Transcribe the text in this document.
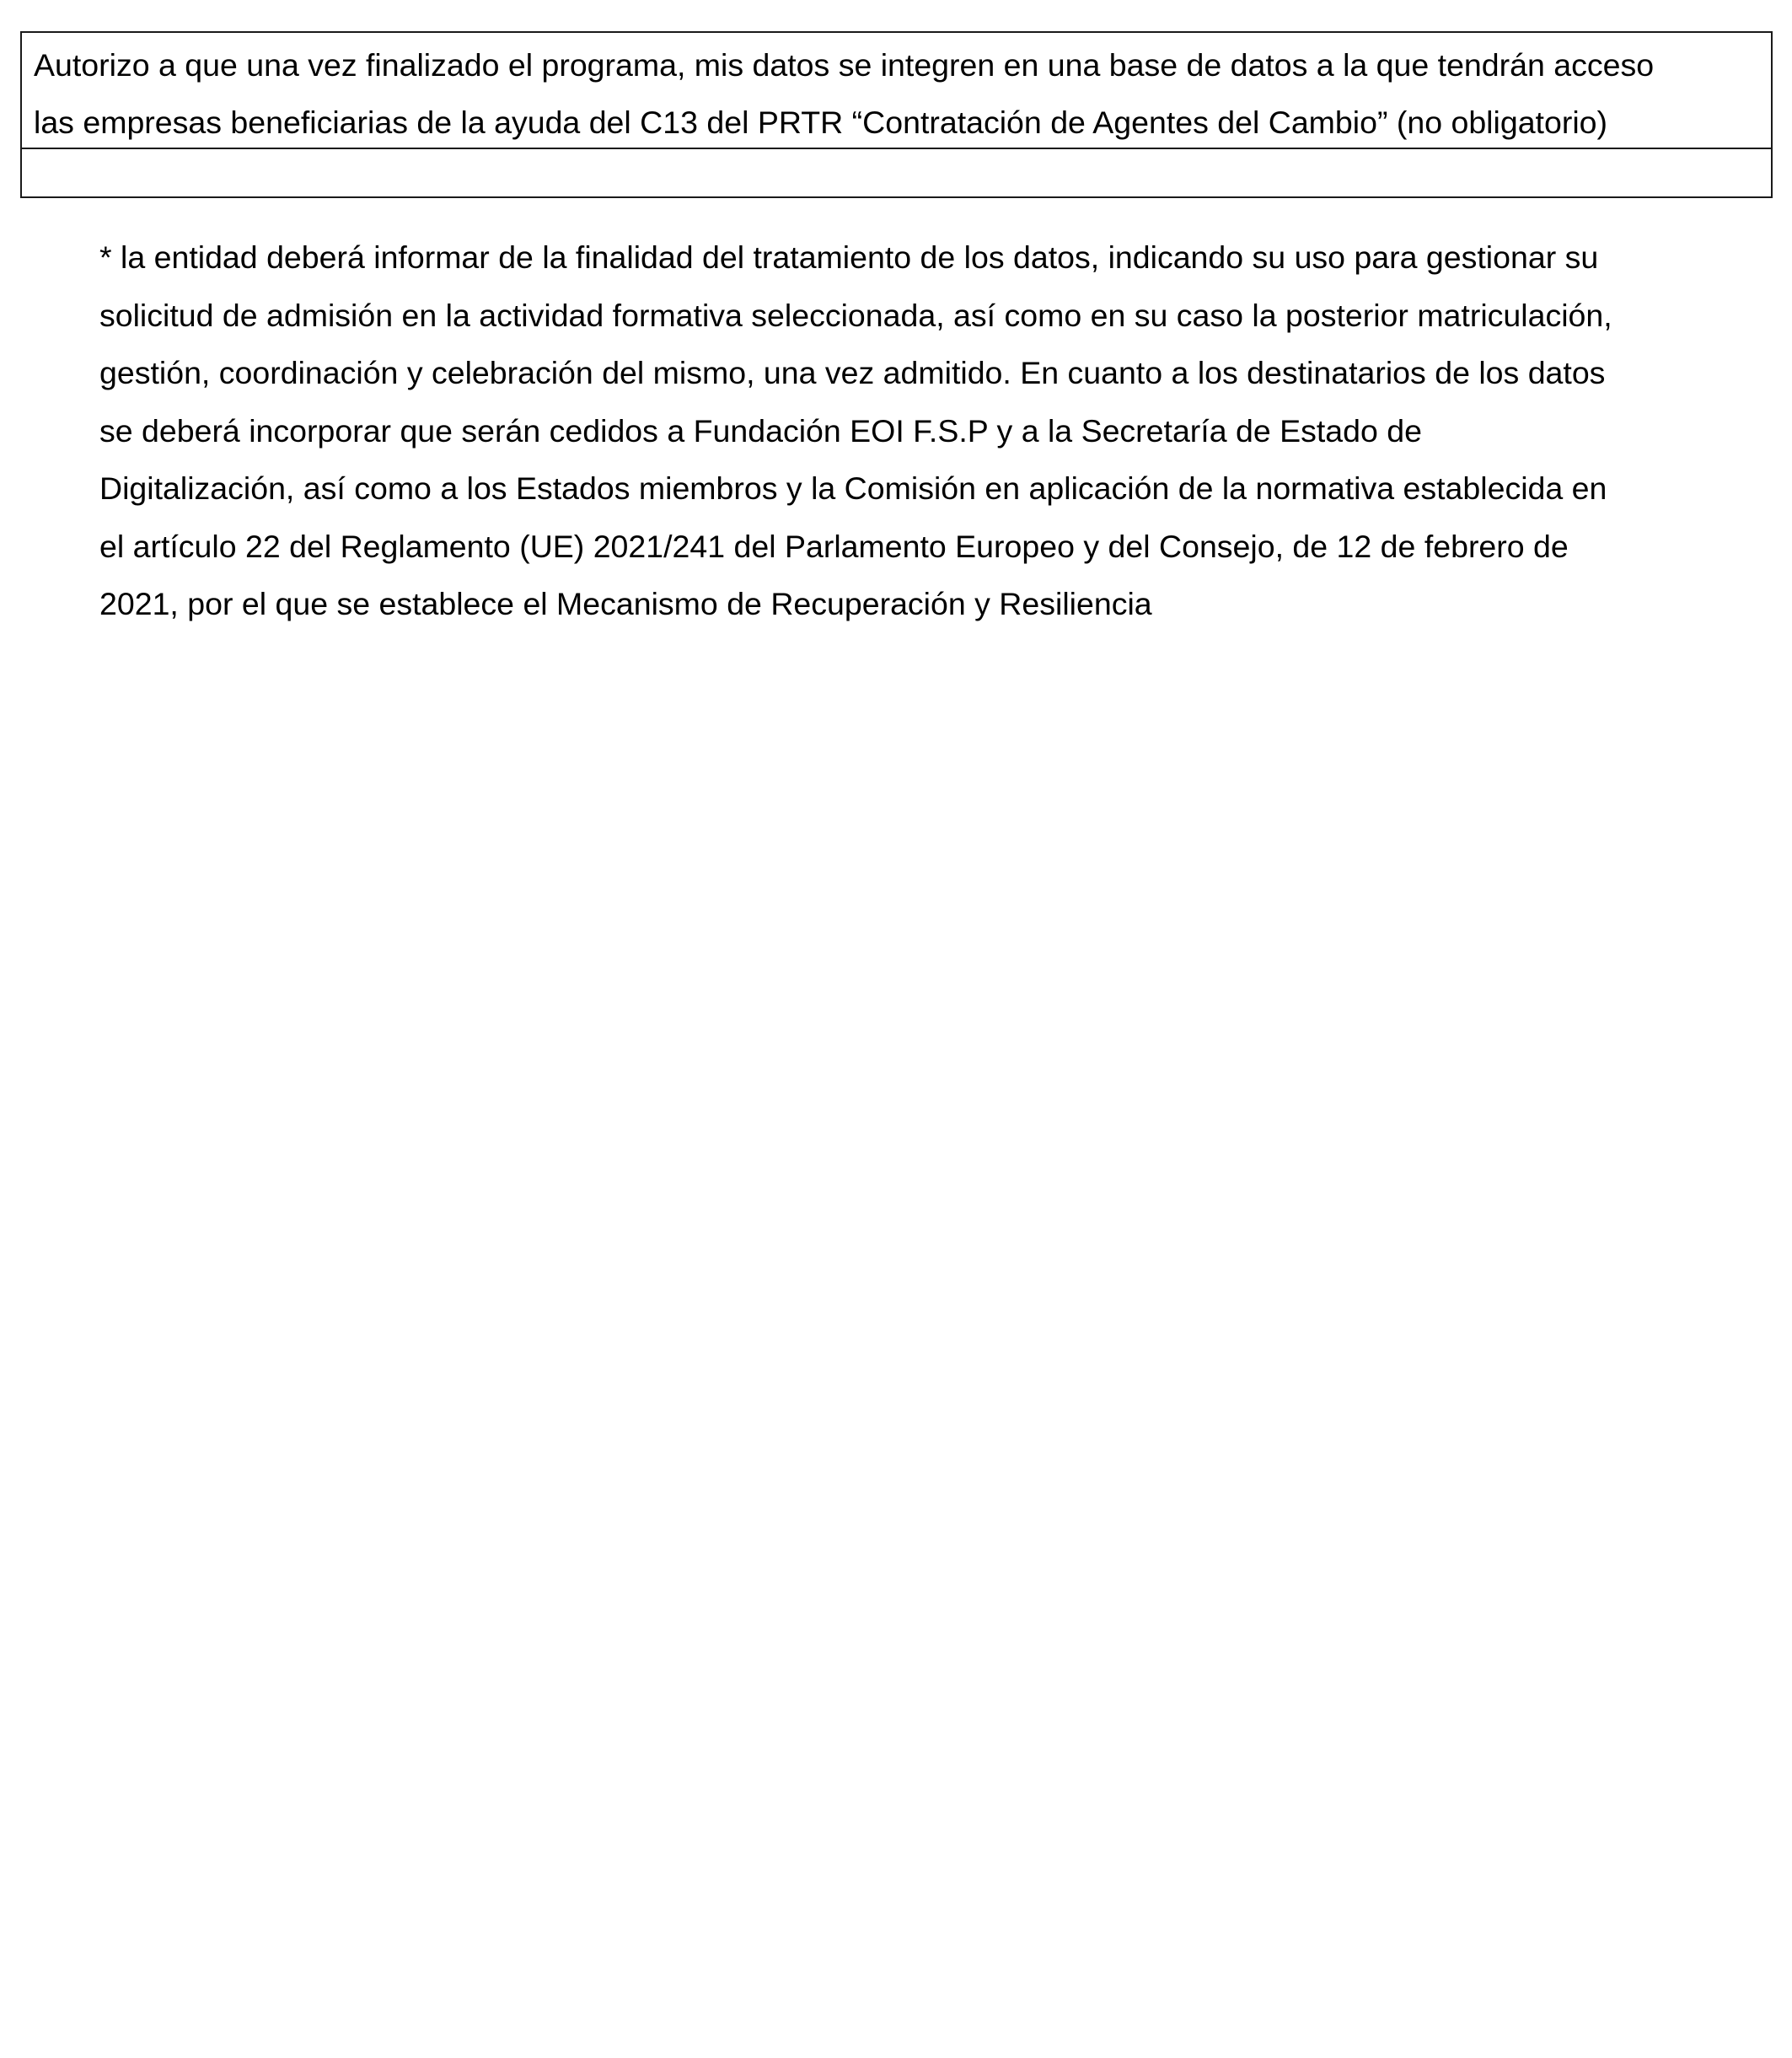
Autorizo a que una vez finalizado el programa, mis datos se integren en una base de datos a la que tendrán acceso
las empresas beneficiarias de la ayuda del C13 del PRTR “Contratación de Agentes del Cambio” (no obligatorio)
* la entidad deberá informar de la finalidad del tratamiento de los datos, indicando su uso para gestionar su
solicitud de admisión en la actividad formativa seleccionada, así como en su caso la posterior matriculación,
gestión, coordinación y celebración del mismo, una vez admitido. En cuanto a los destinatarios de los datos
se deberá incorporar que serán cedidos a Fundación EOI F.S.P y a la Secretaría de Estado de
Digitalización, así como a los Estados miembros y la Comisión en aplicación de la normativa establecida en
el artículo 22 del Reglamento (UE) 2021/241 del Parlamento Europeo y del Consejo, de 12 de febrero de
2021, por el que se establece el Mecanismo de Recuperación y Resiliencia
